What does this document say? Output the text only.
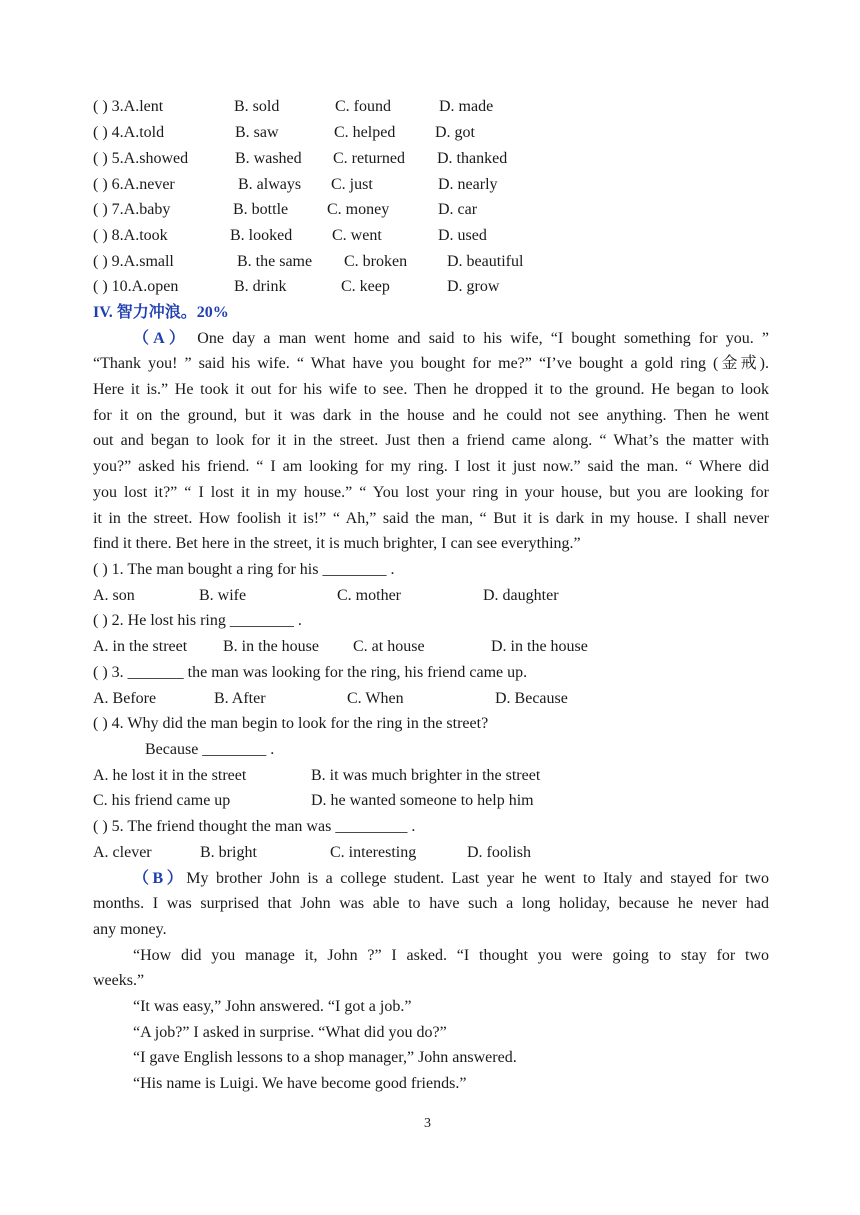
( ) 3.A.lent	B. sold	C. found	D. made
( ) 4.A.told	B. saw	C. helped D. got
( ) 5.A.showed	B. washed C. returned D. thanked
( ) 6.A.never	B. always C. just	D. nearly
( ) 7.A.baby	B. bottle C. money	D. car
( ) 8.A.took	B. looked C. went	D. used
( ) 9.A.small	B. the same C. broken D. beautiful
( ) 10.A.open	B. drink	C. keep	D. grow
IV. 智力冲浪。20%
（A） One day a man went home and said to his wife, “I bought something for you. ”
“Thank you! ” said his wife. “ What have you bought for me?” “I’ve bought a gold ring (金戒).
Here it is.” He took it out for his wife to see. Then he dropped it to the ground. He began to look
for it on the ground, but it was dark in the house and he could not see anything. Then he went
out and began to look for it in the street. Just then a friend came along. “ What’s the matter with
you?” asked his friend. “ I am looking for my ring. I lost it just now.” said the man. “ Where did
you lost it?” “ I lost it in my house.” “ You lost your ring in your house, but you are looking for
it in the street. How foolish it is!” “ Ah,” said the man, “ But it is dark in my house. I shall never
find it there. Bet here in the street, it is much brighter, I can see everything.”
( ) 1. The man bought a ring for his ________ .
A. son	B. wife	C. mother	D. daughter
( ) 2. He lost his ring ________ .
A. in the street B. in the house C. at house	D. in the house
( ) 3. _______ the man was looking for the ring, his friend came up.
A. Before	B. After	C. When	D. Because
( ) 4. Why did the man begin to look for the ring in the street?
Because ________ .
A. he lost it in the street	B. it was much brighter in the street
C. his friend came up	D. he wanted someone to help him
( ) 5. The friend thought the man was _________ .
A. clever	B. bright	C. interesting	D. foolish
（B）My brother John is a college student. Last year he went to Italy and stayed for two
months. I was surprised that John was able to have such a long holiday, because he never had
any money.
“How did you manage it, John ?” I asked. “I thought you were going to stay for two
weeks.”
“It was easy,” John answered. “I got a job.”
“A job?” I asked in surprise. “What did you do?”
“I gave English lessons to a shop manager,” John answered.
“His name is Luigi. We have become good friends.”
3
